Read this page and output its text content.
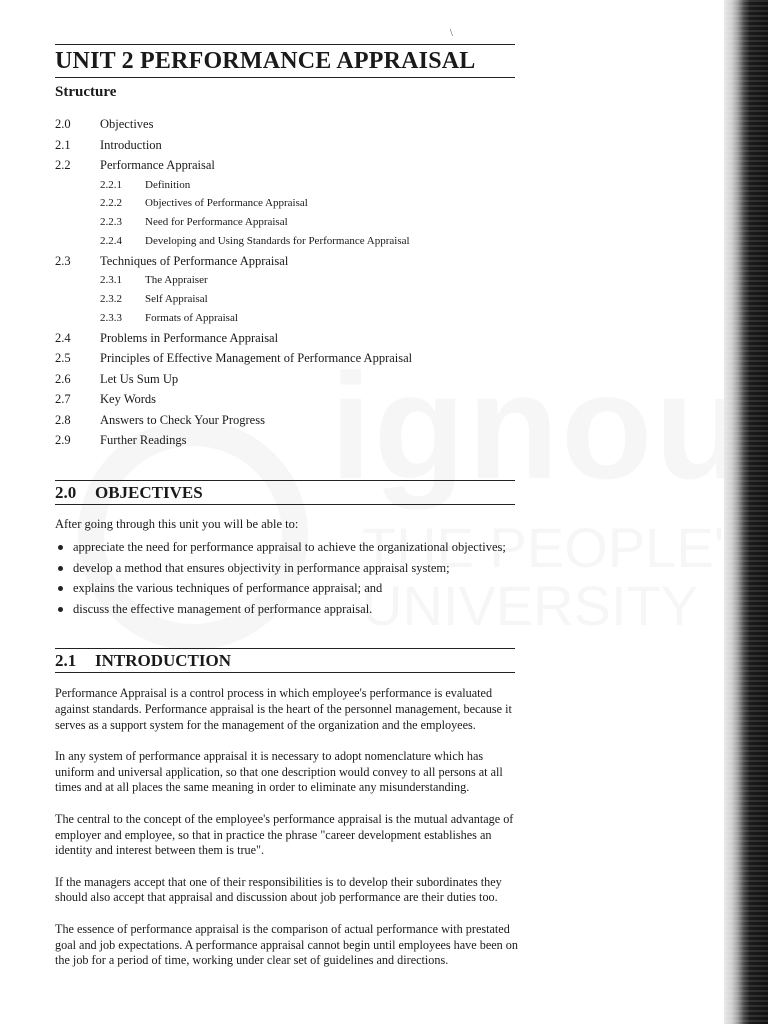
UNIT 2 PERFORMANCE APPRAISAL
Structure
2.0 Objectives
2.1 Introduction
2.2 Performance Appraisal
2.2.1 Definition
2.2.2 Objectives of Performance Appraisal
2.2.3 Need for Performance Appraisal
2.2.4 Developing and Using Standards for Performance Appraisal
2.3 Techniques of Performance Appraisal
2.3.1 The Appraiser
2.3.2 Self Appraisal
2.3.3 Formats of Appraisal
2.4 Problems in Performance Appraisal
2.5 Principles of Effective Management of Performance Appraisal
2.6 Let Us Sum Up
2.7 Key Words
2.8 Answers to Check Your Progress
2.9 Further Readings
2.0 OBJECTIVES
After going through this unit you will be able to:
appreciate the need for performance appraisal to achieve the organizational objectives;
develop a method that ensures objectivity in performance appraisal system;
explains the various techniques of performance appraisal; and
discuss the effective management of performance appraisal.
2.1 INTRODUCTION

Performance Appraisal is a control process in which employee's performance is evaluated against standards. Performance appraisal is the heart of the personnel management, because it serves as a support system for the management of the organization and the employees.

In any system of performance appraisal it is necessary to adopt nomenclature which has uniform and universal application, so that one description would convey to all persons at all times and at all places the same meaning in order to eliminate any misunderstanding.

The central to the concept of the employee's performance appraisal is the mutual advantage of employer and employee, so that in practice the phrase "career development establishes an identity and interest between them is true".

If the managers accept that one of their responsibilities is to develop their subordinates they should also accept that appraisal and discussion about job performance are their duties too.

The essence of performance appraisal is the comparison of actual performance with prestated goal and job expectations. A performance appraisal cannot begin until employees have been on the job for a period of time, working under clear set of guidelines and directions.

\
